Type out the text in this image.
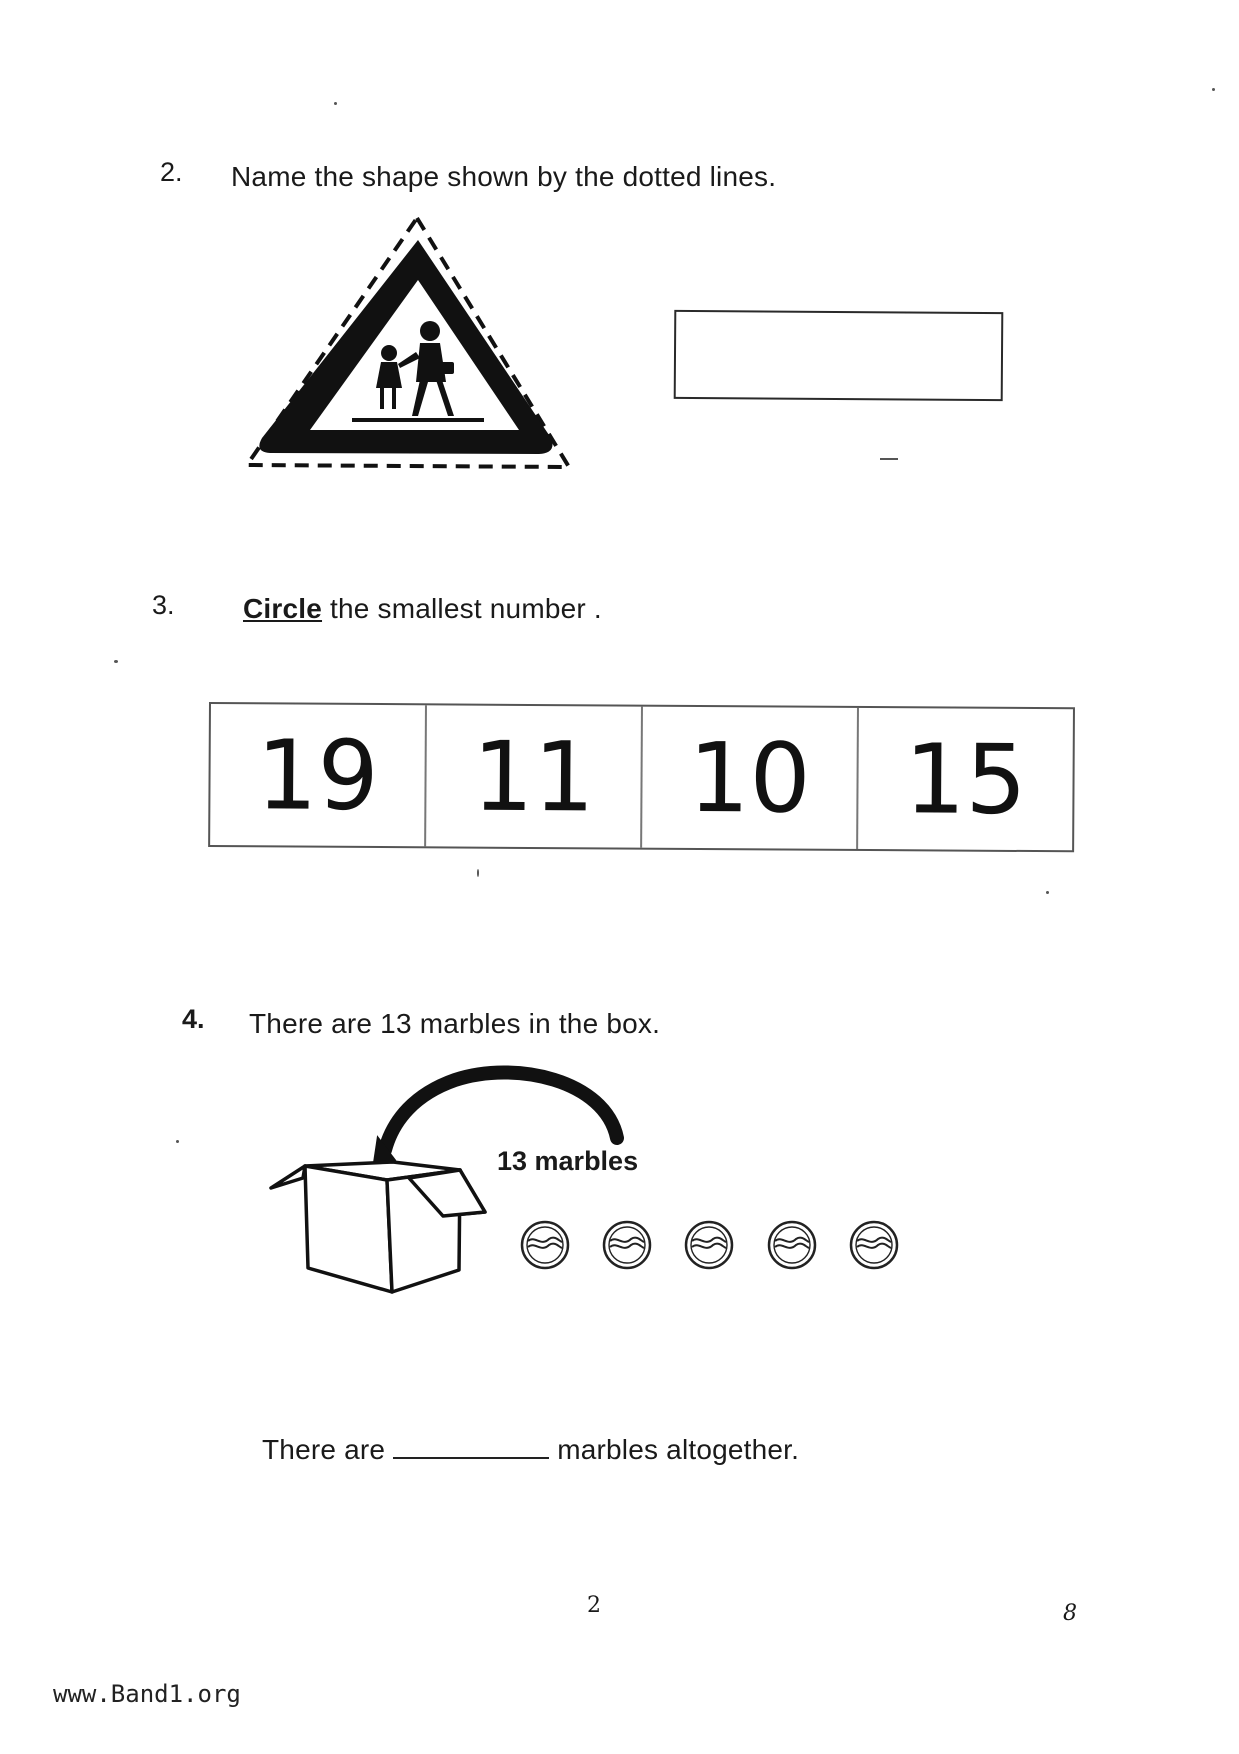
2. Name the shape shown by the dotted lines.
3. Circle the smallest number .
19 11 10 15
4. There are 13 marbles in the box.
13 marbles
There are	marbles altogether.
2	8
www.Band1.org
